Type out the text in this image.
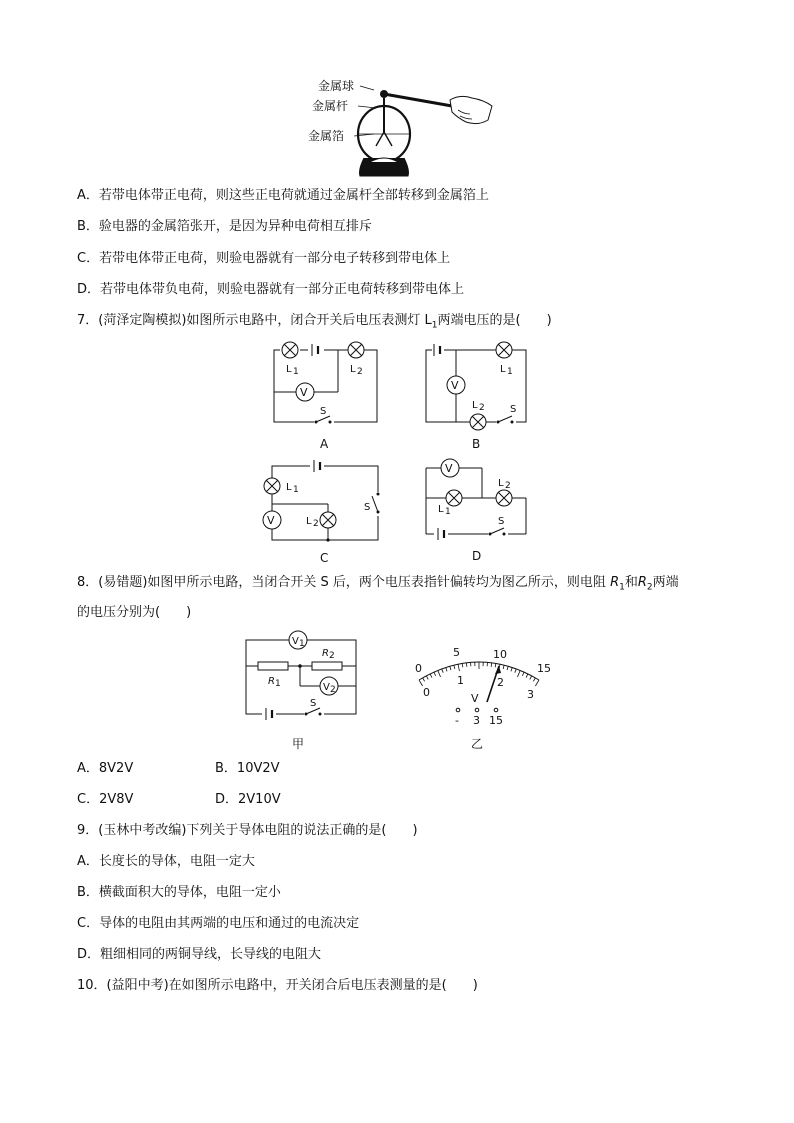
金属球
金属杆
金属箔
A．若带电体带正电荷，则这些正电荷就通过金属杆全部转移到金属箔上
B．验电器的金属箔张开，是因为异种电荷相互排斥
C．若带电体带正电荷，则验电器就有一部分电子转移到带电体上
D．若带电体带负电荷，则验电器就有一部分正电荷转移到带电体上
7．(菏泽定陶模拟)如图所示电路中，闭合开关后电压表测灯 $L_1$两端电压的是(　　)
L 1	L 2
V
S
A
L 1
V
L 2	S
B
L 1
V	L 2
S
C
V
L 1
L 2
S
D
8．(易错题)如图甲所示电路，当闭合开关 S 后，两个电压表指针偏转均为图乙所示，则电阻 $R_1$和$R_2$两端
的电压分别为(　　)
V 1
R 1
R 2
V 2
S
甲
0
5	10
15
0
1	2
3
V
- 3 15
乙
A．8V2V	B．10V2V
C．2V8V	D．2V10V
9．(玉林中考改编)下列关于导体电阻的说法正确的是(　　)
A．长度长的导体，电阻一定大
B．横截面积大的导体，电阻一定小
C．导体的电阻由其两端的电压和通过的电流决定
D．粗细相同的两铜导线，长导线的电阻大
10．(益阳中考)在如图所示电路中，开关闭合后电压表测量的是(　　)
